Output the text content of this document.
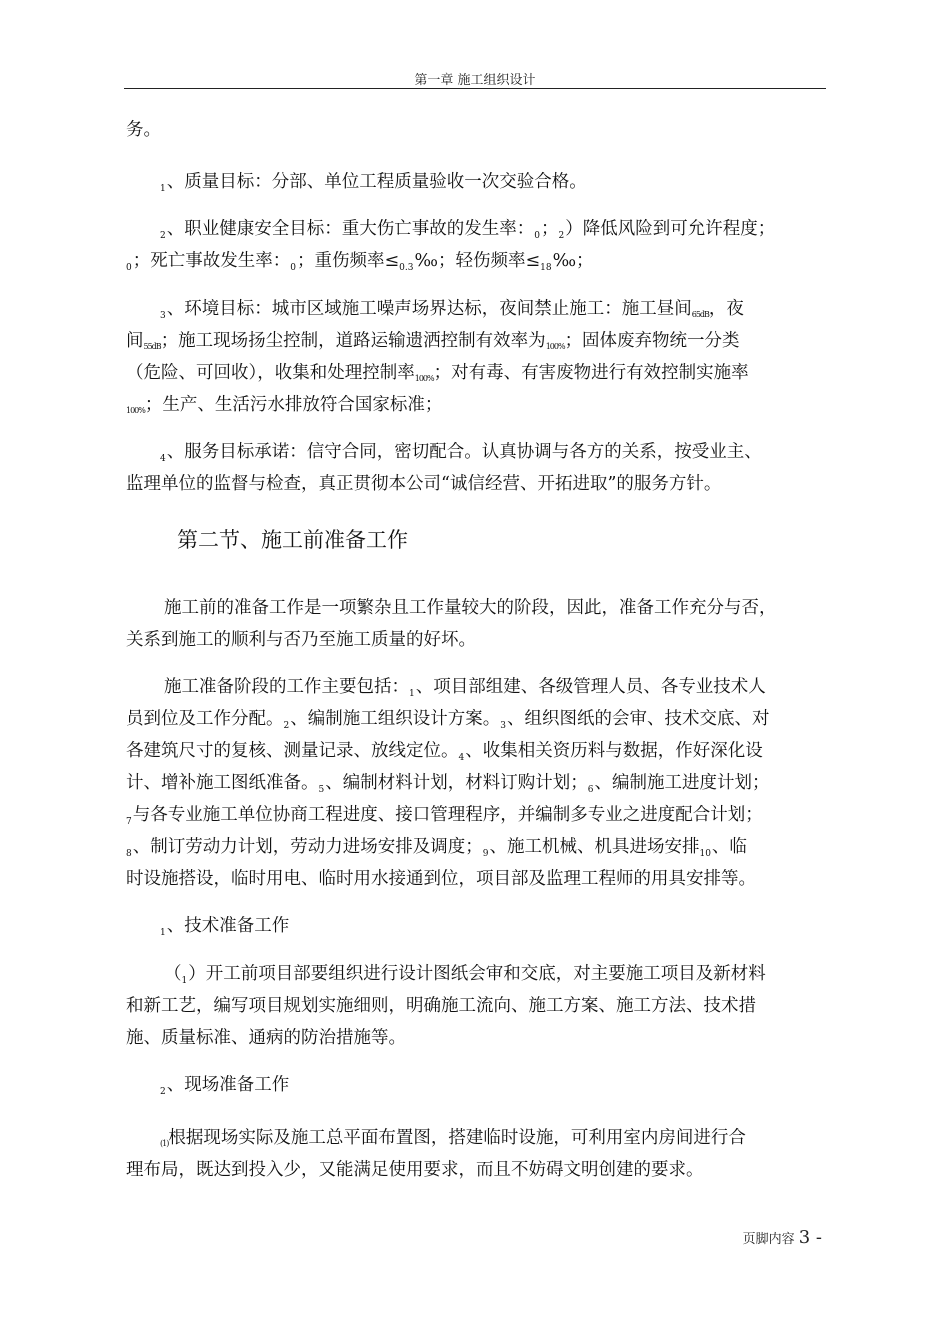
第一章 施工组织设计
务。
$_1$、质量目标：分部、单位工程质量验收一次交验合格。
$_2$、职业健康安全目标：重大伤亡事故的发生率：$_0$；$_2$）降低风险到可允许程度；
$_0$；死亡事故发生率：$_0$；重伤频率$\le_{0.3}‰$；轻伤频率$\le_{18}‰$；
$_3$、环境目标：城市区域施工噪声场界达标，夜间禁止施工：施工昼间65dB，夜
间55dB；施工现场扬尘控制，道路运输遗洒控制有效率为100%；固体废弃物统一分类
（危险、可回收），收集和处理控制率100%；对有毒、有害废物进行有效控制实施率
100%；生产、生活污水排放符合国家标准；
$_4$、服务目标承诺：信守合同，密切配合。认真协调与各方的关系，按受业主、
监理单位的监督与检查，真正贯彻本公司“诚信经营、开拓进取”的服务方针。
第二节、施工前准备工作
施工前的准备工作是一项繁杂且工作量较大的阶段，因此，准备工作充分与否，
关系到施工的顺利与否乃至施工质量的好坏。
施工准备阶段的工作主要包括：$_1$、项目部组建、各级管理人员、各专业技术人
员到位及工作分配。$_2$、编制施工组织设计方案。$_3$、组织图纸的会审、技术交底、对
各建筑尺寸的复核、测量记录、放线定位。$_4$、收集相关资历料与数据，作好深化设
计、增补施工图纸准备。$_5$、编制材料计划，材料订购计划；$_6$、编制施工进度计划；
$_7$与各专业施工单位协商工程进度、接口管理程序，并编制多专业之进度配合计划；
$_8$、制订劳动力计划，劳动力进场安排及调度；$_9$、施工机械、机具进场安排$_{10}$、临
时设施搭设，临时用电、临时用水接通到位，项目部及监理工程师的用具安排等。
$_1$、技术准备工作
$(_1)$开工前项目部要组织进行设计图纸会审和交底，对主要施工项目及新材料
和新工艺，编写项目规划实施细则，明确施工流向、施工方案、施工方法、技术措
施、质量标准、通病的防治措施等。
$_2$、现场准备工作
(1)根据现场实际及施工总平面布置图，搭建临时设施，可利用室内房间进行合
理布局，既达到投入少，又能满足使用要求，而且不妨碍文明创建的要求。
页脚内容 3 -
